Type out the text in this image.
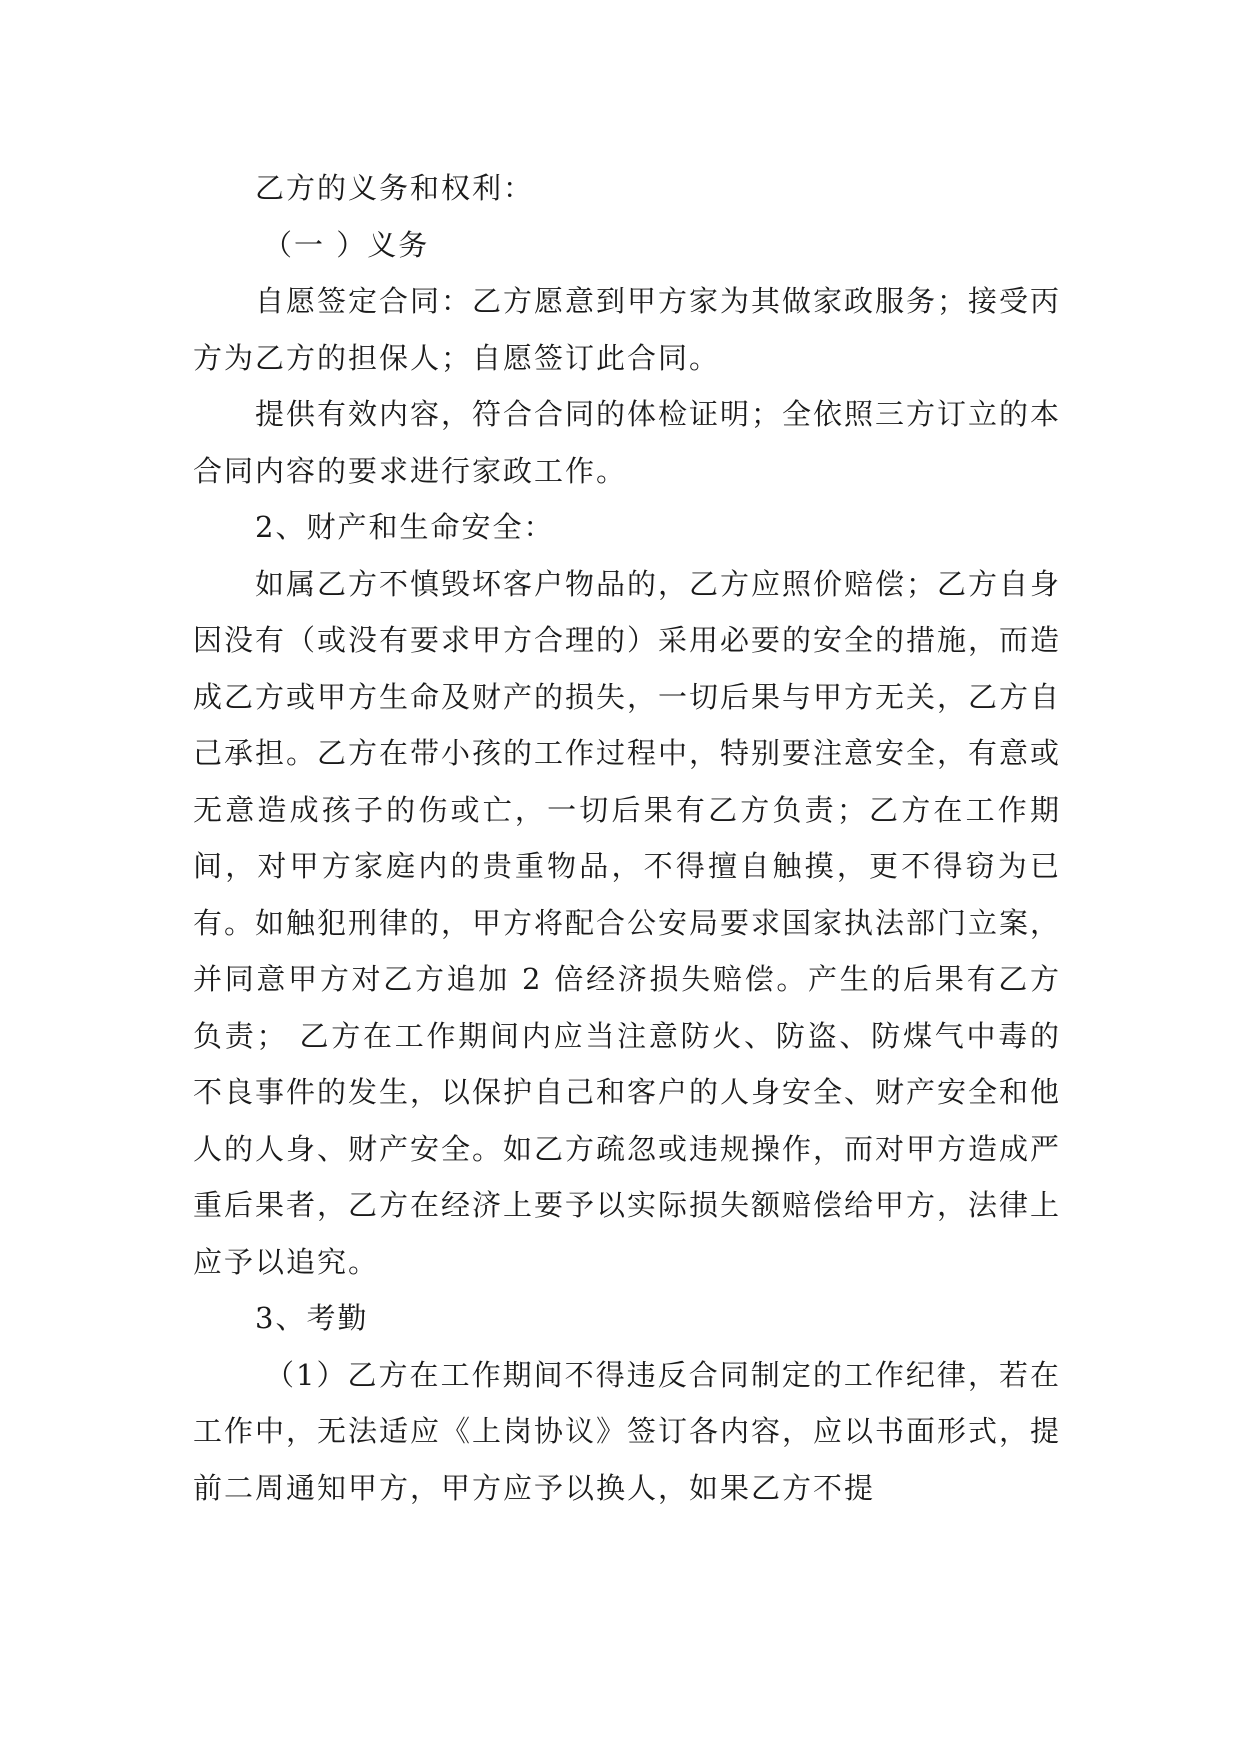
乙方的义务和权利：

（一 ）义务

自愿签定合同：乙方愿意到甲方家为其做家政服务；接受丙方为乙方的担保人；自愿签订此合同。

提供有效内容，符合合同的体检证明；全依照三方订立的本合同内容的要求进行家政工作。

2、财产和生命安全：

如属乙方不慎毁坏客户物品的，乙方应照价赔偿；乙方自身因没有（或没有要求甲方合理的）采用必要的安全的措施，而造成乙方或甲方生命及财产的损失，一切后果与甲方无关，乙方自己承担。乙方在带小孩的工作过程中，特别要注意安全，有意或无意造成孩子的伤或亡，一切后果有乙方负责；乙方在工作期间，对甲方家庭内的贵重物品，不得擅自触摸，更不得窃为已有。如触犯刑律的，甲方将配合公安局要求国家执法部门立案，并同意甲方对乙方追加 2 倍经济损失赔偿。产生的后果有乙方负责； 乙方在工作期间内应当注意防火、防盗、防煤气中毒的不良事件的发生，以保护自己和客户的人身安全、财产安全和他人的人身、财产安全。如乙方疏忽或违规操作，而对甲方造成严重后果者，乙方在经济上要予以实际损失额赔偿给甲方，法律上应予以追究。

3、考勤

（1）乙方在工作期间不得违反合同制定的工作纪律，若在工作中，无法适应《上岗协议》签订各内容，应以书面形式，提前二周通知甲方，甲方应予以换人，如果乙方不提
